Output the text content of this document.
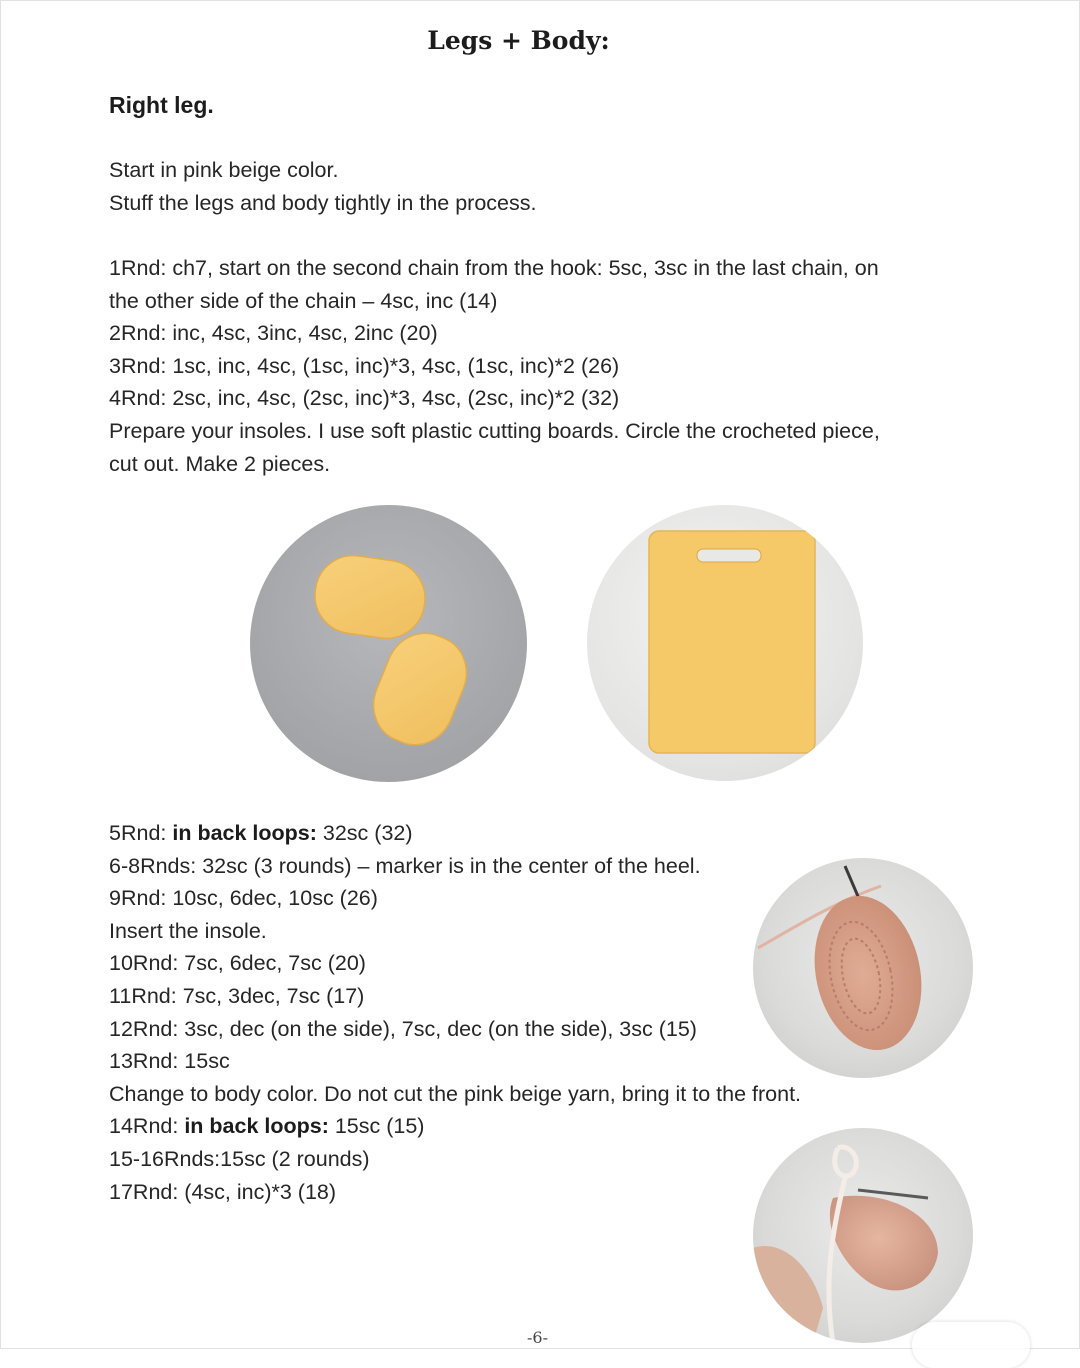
Legs + Body:
Right leg.
Start in pink beige color.
Stuff the legs and body tightly in the process.
1Rnd: ch7, start on the second chain from the hook: 5sc, 3sc in the last chain, on
the other side of the chain – 4sc, inc (14)
2Rnd: inc, 4sc, 3inc, 4sc, 2inc (20)
3Rnd: 1sc, inc, 4sc, (1sc, inc)*3, 4sc, (1sc, inc)*2 (26)
4Rnd: 2sc, inc, 4sc, (2sc, inc)*3, 4sc, (2sc, inc)*2 (32)
Prepare your insoles. I use soft plastic cutting boards. Circle the crocheted piece,
cut out. Make 2 pieces.
5Rnd: in back loops: 32sc (32)
6-8Rnds: 32sc (3 rounds) – marker is in the center of the heel.
9Rnd: 10sc, 6dec, 10sc (26)
Insert the insole.
10Rnd: 7sc, 6dec, 7sc (20)
11Rnd: 7sc, 3dec, 7sc (17)
12Rnd: 3sc, dec (on the side), 7sc, dec (on the side), 3sc (15)
13Rnd: 15sc
Change to body color. Do not cut the pink beige yarn, bring it to the front.
14Rnd: in back loops: 15sc (15)
15-16Rnds:15sc (2 rounds)
17Rnd: (4sc, inc)*3 (18)
-6-
